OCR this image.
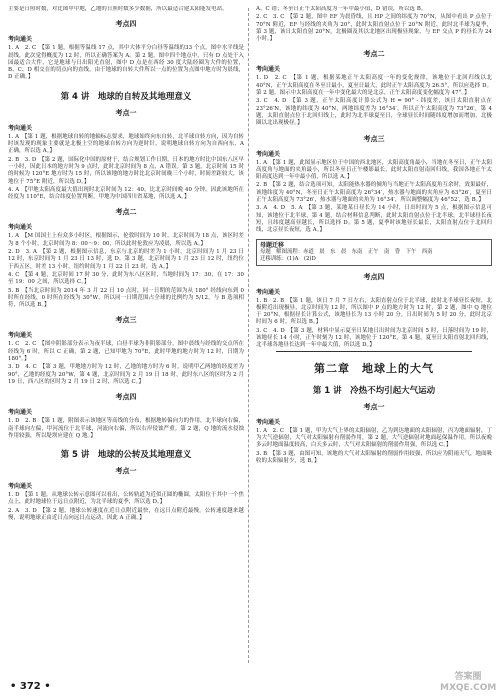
主要是日照时数，对比图甲中地，乙地的日照时数多少数据，所以最适合建太阳能发电站。

考点四
考向通关

1. A　2. C　【第 1 题，根据等温线 17 点，其中大体平分白昼等温线的33 个点，图中水平线是晨线，此次觉得概度为 12 时，所以正确答案为 A。第 2 题，图中四个地点中，只有 D 点处于入园最适合大件，它是地球与日出阳光直射，图中 D 点是在西经 30 度大陆经圈为大件的位置，B、C、D 相交在的切点向的直线，由于地球的自转大件所以一点的位置为点图中地方时为晨线，D 正确。】

第 4 讲　地球的自转及其地理意义
考点一
考向通关

1. A　【第 1 题，根据地球自转的地轴标志要求，地球始终向东自转，北半球自转方向，因为自转时该发现的现象主要就是北极上空的地球自转方向为逆时针，说明地球自转方向为自西向东，A 正确，所以选 A。】

2. B　3. D　【第 2 题，国际化中国的原材于，结合规划工作日期，日本的地方时比中国东八区早一小时，因此日本的地方时为 9 点时，此时北京时间为 8 点，A 错误。第 3 题，北京时间 15 时的时候为 120°E 地方时为 15 时，所以该地的地方时比北京时间晚三个小时，时间差距较大，该地位于 75°E 附近，所以选 D。】

4. A　【甲地太阳高度最大值出现时北京时间为 12：40，比北京时间晚 40 分钟，因此该地所在经度为 110°E，结合纬度位置判断，甲地为中国四川省某地，所以选 A。】

考点二
考向通关

1. A　【M 国国土上有众多小时区，根据图示，伦敦时间为 10 时，北京时间为 18 点，该区时差为 8 个小时，北京时间为 8：00～9：00，所以此时伦敦应为凌晨，所以选 A。】

2. D　3. A　【第 2 题，根据图示信息，东京与北京的时差为 1 小时，北京时间为 1 月 23 日 12 时，东京时间为 1 月 23 日 13 时，选 D。第 3 题，北京时间为 1 月 23 日 12 时，纽约位于西五区，时差 13 小时，纽约时间为 1 月 22 日 23 时，选 A。】

4. C　【第 4 题，北京时间 17 时 30 分，此时为东八区区时，当地时间为 17：30，在 17：30 至 19：00 之间，所以选择 C。】

5. B　【当北京时间为 2014 年 3 月 22 日 10 点时，同一日期的范围为从 180° 经线向东到 0 时所在经线，0 时所在经线为 30°W，所以同一日期范围占全球的比例约为 5/12，与 B 选项相符，所以选 B。】

考点三
考向通关

1. C　2. C　【图中阴影部分表示为夜半球，白昼半球为非阴影部分，图中晨线与经线的交点所在经线为 6 时，所以 C 正确，第 2 题，已知甲地为 70°E，此时甲地的地方时为 12 时，日期为 180°。】

3. D　4. C　【第 3 题，甲地地方时为 12 时，乙地的地方时为 6 时，说明甲乙两地的经度差为 90°，乙地的经度为 20°W，第 4 题，北京时间为 2 月 19 日 18 时，此时东八区的区时为 2 月 19 日，西八区的区时为 2 月 19 日 2 时，所以选 C。】

考点四
考向通关

1. D　2. B　【第 1 题，附图表示该地区等高线的分布，根据地转偏向力的作用，北半球向右偏，南半球向左偏，甲河流位于北半球，河流向右偏，所以右岸侵蚀严重。第 2 题，Q 地的流水侵蚀作用较强，所以堤坝应建在 Q 地。】

第 5 讲　地球的公转及其地理意义
考点一
考向通关

1. D　【第 1 题，从地球公转示意图可以看出，公转轨道为近似正圆的椭圆，太阳位于其中一个焦点上，此时地球位于远日点附近，为北半球的夏季，所以选 D。】

2. A　3. D　【第 2 题，地球公转速度在近日点附近最快，在远日点附近最慢，公转速度越来越慢，说明地球正由近日点向远日点运动，因此 A 正确。】

A、C 错；冬至日正午太阳高度为一年中最小值，D 错误，所以选 B。

2. C　3. C　【第 2 题，图中 EF 为晨昏线，且 HP 之间的纬度为 70°N，从图中看出 P 点位于 70°N 附近，EF 与经线的夹角为 20°，此时太阳直射点位于 20°N 附近，此时北半球为夏季，第 3 题，该日太阳直射 20°N，北极圈及其以北地区出现极昼现象，与 EF 交点 P 的昼长为 24 小时。】

考点二
考向通关

1. D　2. C　【第 1 题，根据某地正午太阳高度一年的变化规律，该地位于北回归线以北 40°N，正午太阳高度在冬至日最小，夏至日最大，此时正午太阳高度为 26.5°，所以应选择 D。第 2 题，图示中太阳高度在一年中变化最大的是北京，正午太阳高度变化幅度为 47°。】

3. C　4. D　【第 3 题，正午太阳高度计算公式为 H = 90° - 纬度差，该日太阳直射点在 23°26′N，该地的纬度为 40°N，两地纬度差为 16°34′，所以正午太阳高度为 73°26′，第 4 题，太阳直射点位于北回归线上，此时为北半球夏至日，全球昼长时间随纬度增加而增加，北极圈以北出现极昼。】

考点三
考向通关

1. A　【第 1 题，此图显示地区位于中国的西北地区，太阳高度角最小，当地在冬至日，正午太阳高度角与地面的夹角最小，所以冬至日正午楼影最长，此时太阳直射南回归线，我国各地正午太阳高度达到一年中最小值，所以选 A。】

2. B　【第 2 题，结合选项可知，太阳能热水器的倾角与当地正午太阳高度角互余时，效果最好，该地纬度为 40°N，冬至日正午太阳高度为 26°34′，热水器与地面的夹角应为 63°26′，夏至日正午太阳高度为 73°26′，热水器与地面的夹角为 16°34′，所以调整幅度为 46°52′，选 B。】

3. A　4. D　5. A　【第 3 题，某地某日昼长为 14 小时，日出时间为 5 点，根据图示信息可知，该地位于北半球，第 4 题，结合材料信息判断，此时太阳直射点位于北半球，北半球昼长夜短，且纬度越高昼越长，所以选择 D。第 5 题，夏季时该地昼长最长，太阳直射点位于北回归线，北京昼长夜短，选 A。】

母题迁移
母题　解图流程：赤道　晨　东　晨　东南　正午　南　昏　下午　西南
迁移训练：(1)A　(2)D
考点四
考向通关

1. B　2. B　【第 1 题，该日 7 月 7 日左右，太阳直射点位于北半球，此时北半球昼长夜短，北极附近出现极昼，北京时间为 12 时，所以图中 P 点的地方时为 12 时，第 2 题，图中 Q 地位于 20°N，根据昼长计算公式，该地昼长为 13 小时 20 分，日出时间为 5 时 20 分，此时北京时间为 6 时，所以选 B。】

3. C　4. D　【第 3 题，材料中显示夏至日某地日出时间为北京时间 5 时，日落时间为 19 时，该地昼长 14 小时，正午时刻为 12 时，该地位于 120°E，第 4 题，夏至日太阳直射北回归线，北半球各地昼长达到一年中最大值，所以选 D。】

第二章　地球上的大气
第 1 讲　冷热不均引起大气运动
考点一
考向通关

1. A　2. C　【第 1 题，甲为大气上界的太阳辐射，乙为到达地面的太阳辐射，丙为地面辐射，丁为大气逆辐射，大气对太阳辐射有削弱作用，第 2 题，大气逆辐射对地面起保温作用，所以夜晚多云时地面温度较高，白天多云时，大气对太阳辐射的削弱作用强，所以选 C。】

3. B　【第 3 题，由图可知，该地的大气对太阳辐射的削弱作用较强，所以应为阴雨天气，地面吸收的太阳辐射少，选 B。】

• 372 •
答案圈 MXQE.COM
